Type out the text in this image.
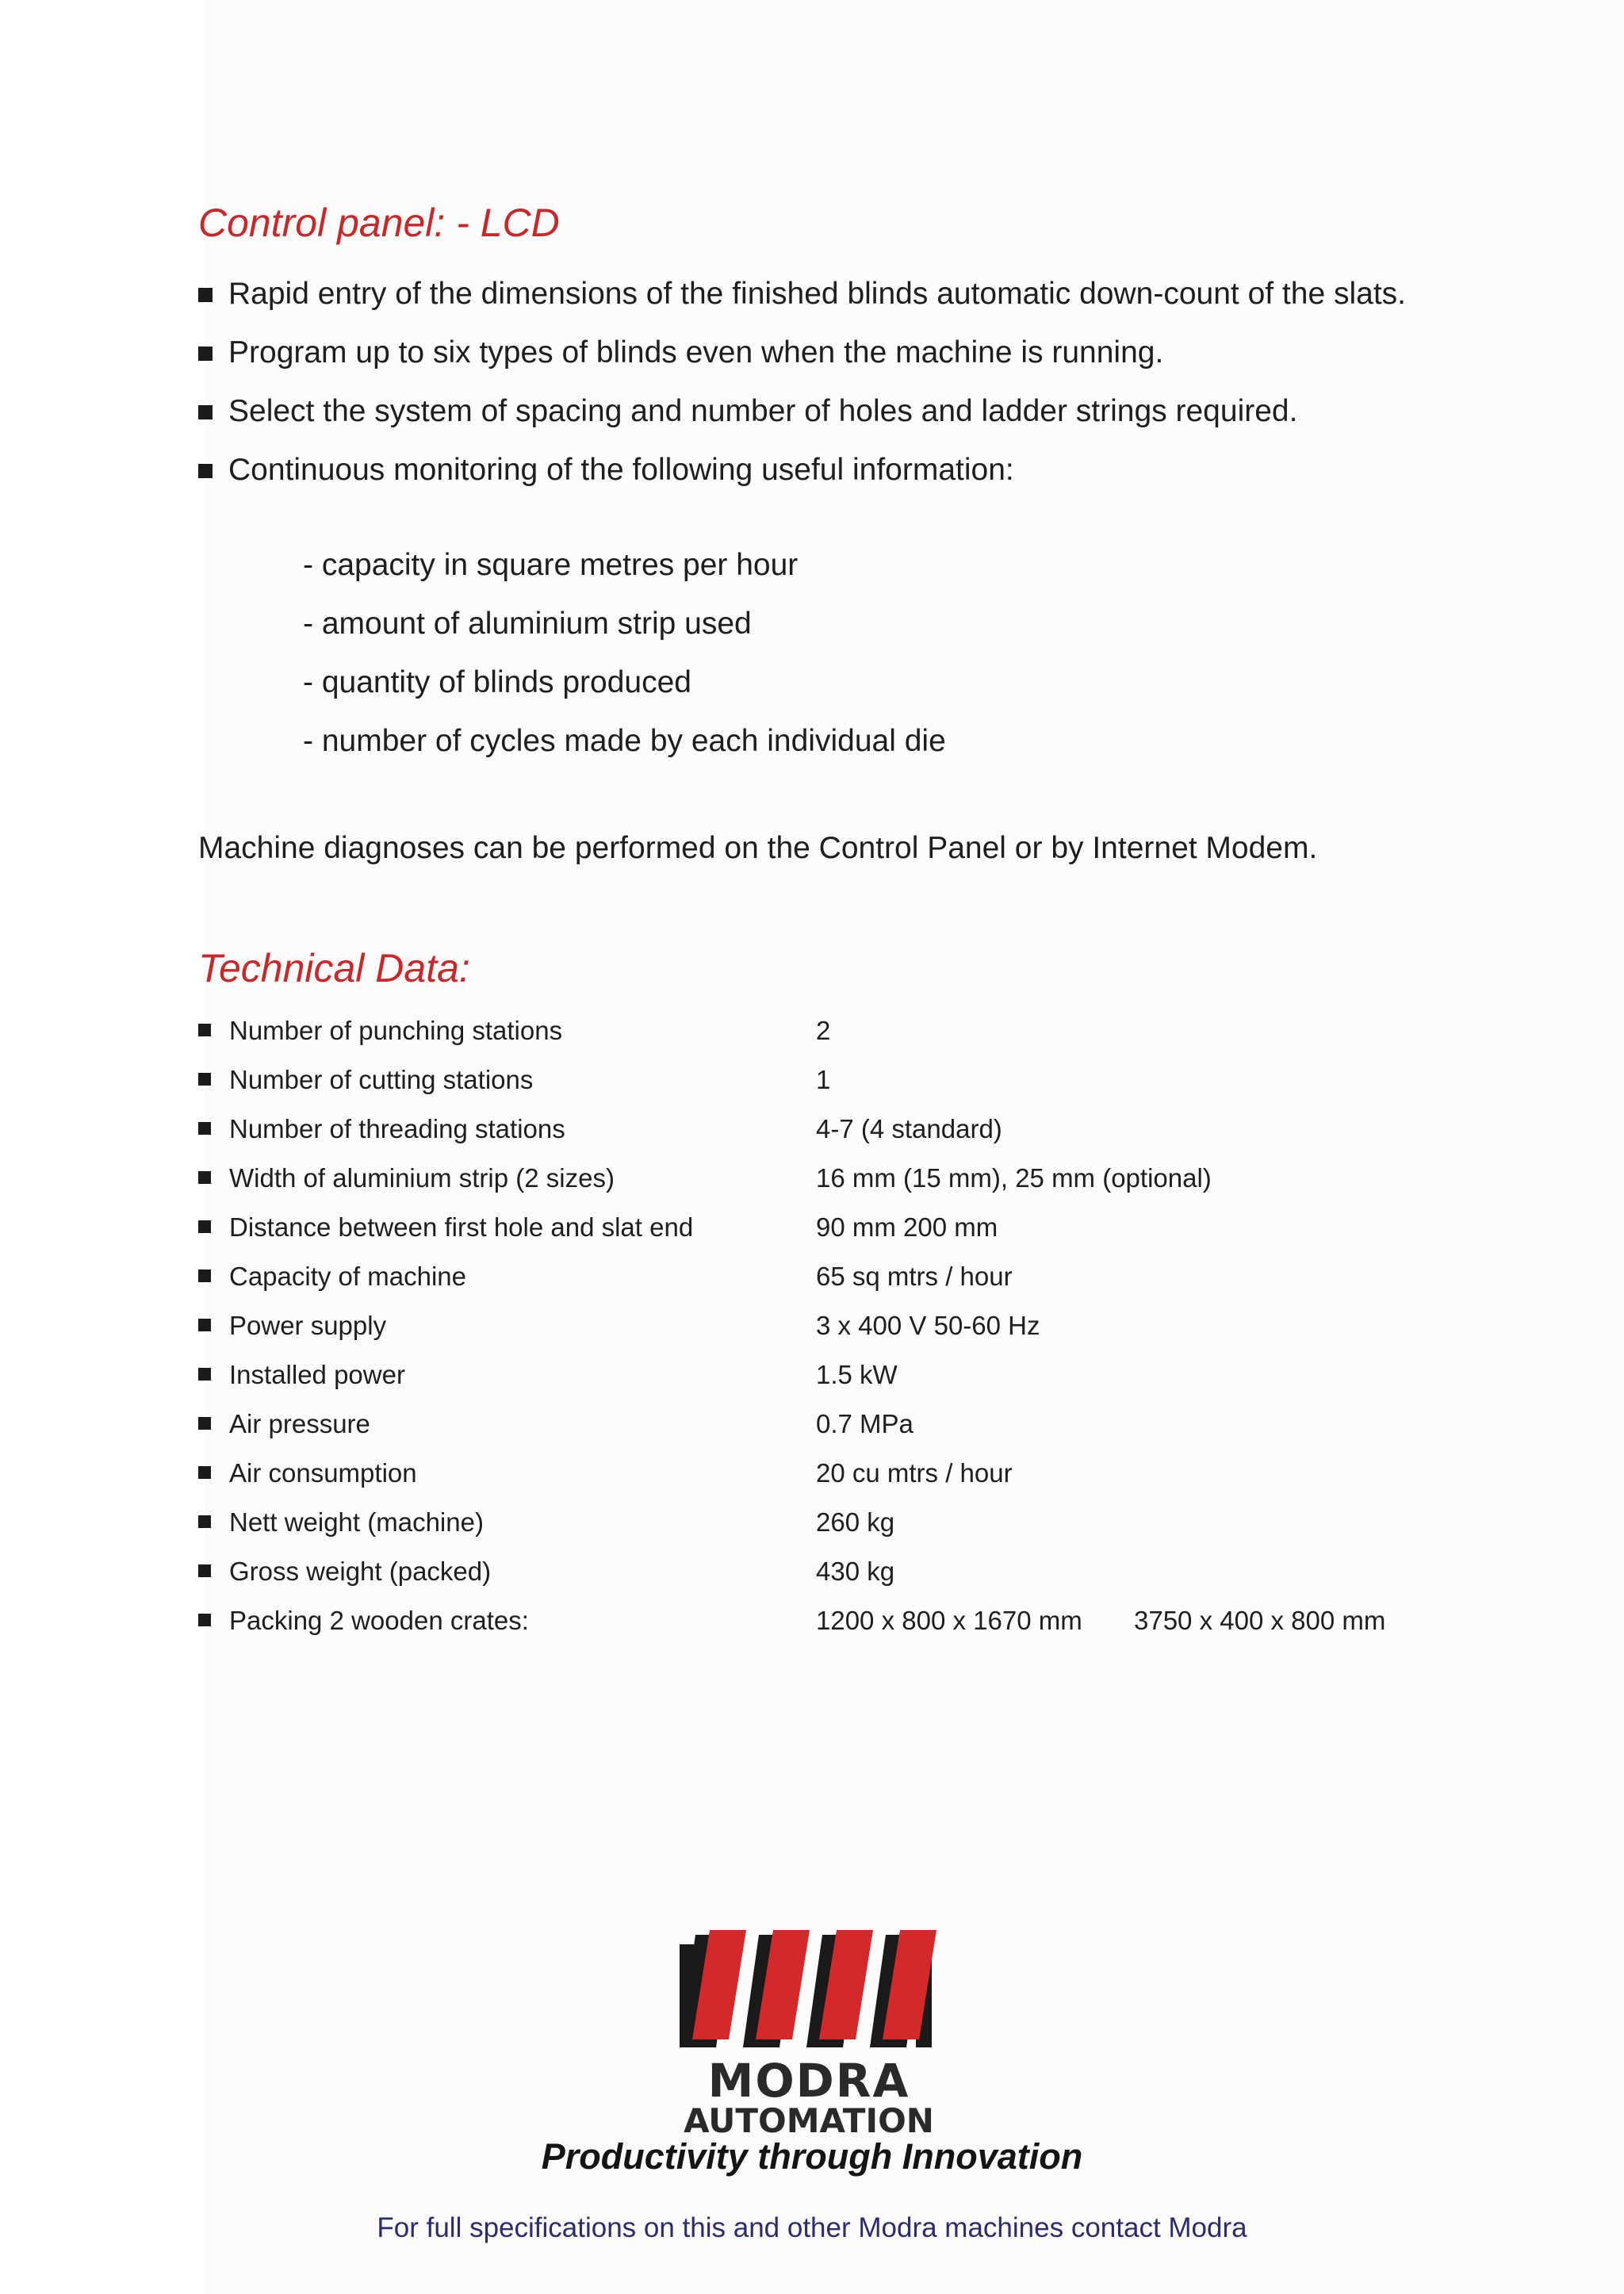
Control panel: - LCD
Rapid entry of the dimensions of the finished blinds automatic down-count of the slats.
Program up to six types of blinds even when the machine is running.
Select the system of spacing and number of holes and ladder strings required.
Continuous monitoring of the following useful information:
- capacity in square metres per hour
- amount of aluminium strip used
- quantity of blinds produced
- number of cycles made by each individual die
Machine diagnoses can be performed on the Control Panel or by Internet Modem.
Technical Data:
Number of punching stations	2
Number of cutting stations	1
Number of threading stations	4-7 (4 standard)
Width of aluminium strip (2 sizes)	16 mm (15 mm), 25 mm (optional)
Distance between first hole and slat end	90 mm 200 mm
Capacity of machine	65 sq mtrs / hour
Power supply	3 x 400 V 50-60 Hz
Installed power	1.5 kW
Air pressure	0.7 MPa
Air consumption	20 cu mtrs / hour
Nett weight (machine)	260 kg
Gross weight (packed)	430 kg
Packing 2 wooden crates:	1200 x 800 x 1670 mm 3750 x 400 x 800 mm
MODRA
AUTOMATION
Productivity through Innovation
For full specifications on this and other Modra machines contact Modra
